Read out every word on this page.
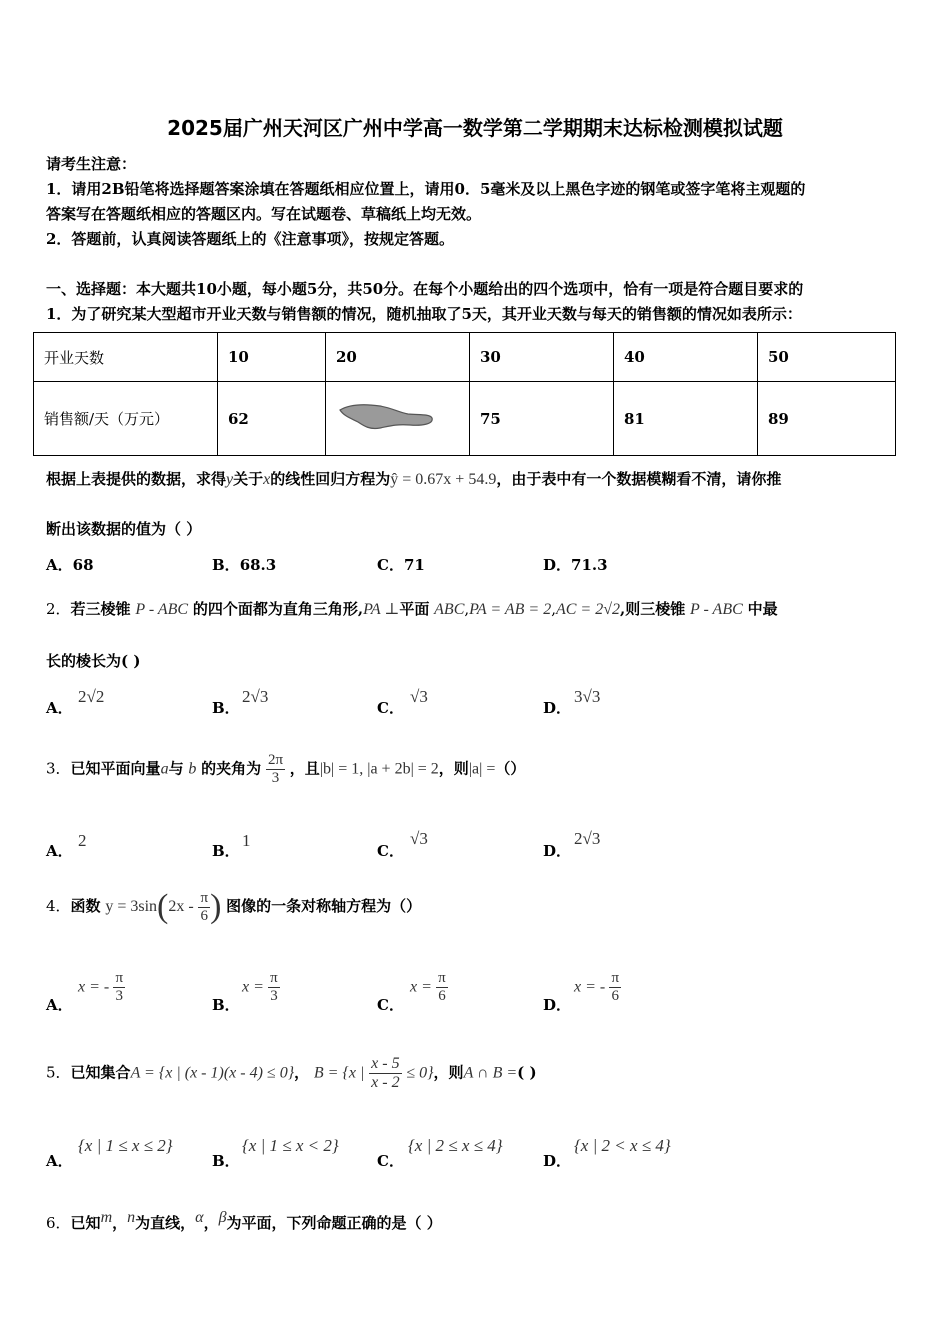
2025届广州天河区广州中学高一数学第二学期期末达标检测模拟试题
请考生注意：
1．请用2B铅笔将选择题答案涂填在答题纸相应位置上，请用0．5毫米及以上黑色字迹的钢笔或签字笔将主观题的
答案写在答题纸相应的答题区内。写在试题卷、草稿纸上均无效。
2．答题前，认真阅读答题纸上的《注意事项》，按规定答题。
一、选择题：本大题共10小题，每小题5分，共50分。在每个小题给出的四个选项中，恰有一项是符合题目要求的
1．为了研究某大型超市开业天数与销售额的情况，随机抽取了5天，其开业天数与每天的销售额的情况如表所示：
开业天数	10	20	30	40	50
销售额/天（万元）	62		75	81	89
根据上表提供的数据，求得y关于x的线性回归方程为ŷ = 0.67x + 54.9，由于表中有一个数据模糊看不清，请你推
断出该数据的值为（ ）
A．68	B．68.3	C．71	D．71.3
2．若三棱锥 P - ABC 的四个面都为直角三角形,PA ⊥平面 ABC,PA = AB = 2,AC = 2√2,则三棱锥 P - ABC 中最
长的棱长为( )
A．
2√2
B．
2√3
C．
√3
D．
3√3
3．已知平面向量a与 b 的夹角为 $\frac{2\pi}{3}$ ，且|b| = 1, |a + 2b| = 2，则|a| =（）
A．
2
B．
1
C．
√3
D．
2√3
4．函数 $y = 3\sin(2x - \frac{\pi}{6}$ ) 图像的一条对称轴方程为（）
A．
x = - $\frac{\pi}{3}$	B．
$x = \frac{\pi}{3}$	C．
$x = \frac{\pi}{6}$	D．
x = - $\frac{\pi}{6}$
5．已知集合A = {x | (x - 1)(x - 4) ≤ 0}， B = {x | $\frac{x - 5}{x - 2} \le 0$}，则A ∩ B =( )
A．
{x | 1 ≤ x ≤ 2}
B．
{x | 1 ≤ x < 2}
C．
{x | 2 ≤ x ≤ 4}
D．
{x | 2 < x ≤ 4}
6．已知m，n为直线，α，β为平面，下列命题正确的是（ ）
